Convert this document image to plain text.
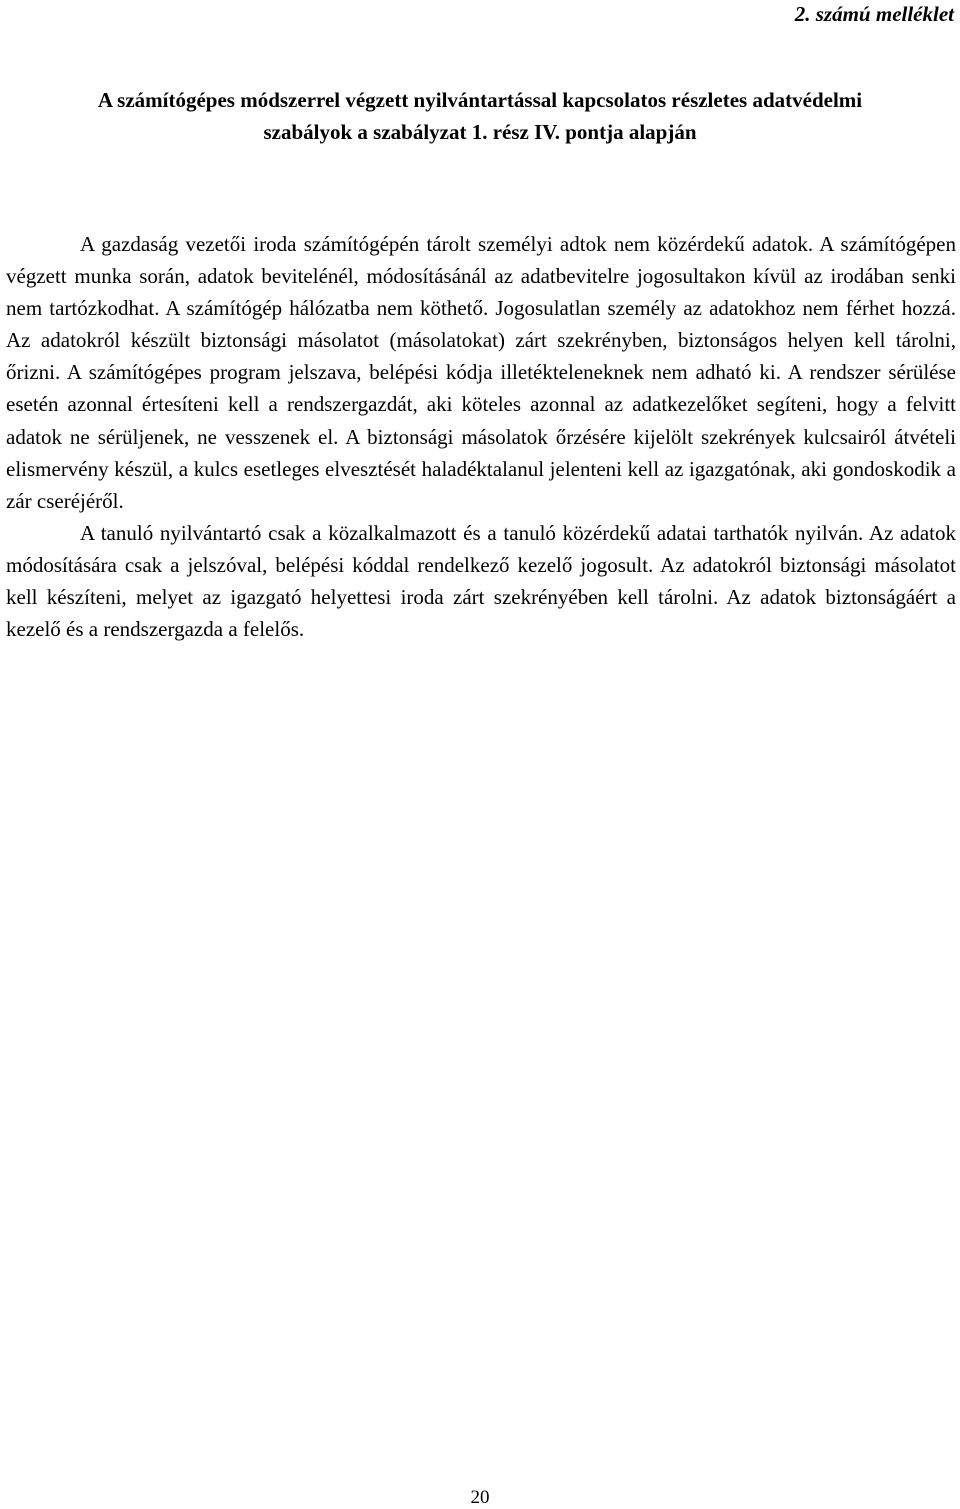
2. számú melléklet

A számítógépes módszerrel végzett nyilvántartással kapcsolatos részletes adatvédelmi
szabályok a szabályzat 1. rész IV. pontja alapján

A gazdaság vezetői iroda számítógépén tárolt személyi adtok nem közérdekű adatok. A számítógépen végzett munka során, adatok bevitelénél, módosításánál az adatbevitelre jogosultakon kívül az irodában senki nem tartózkodhat. A számítógép hálózatba nem köthető. Jogosulatlan személy az adatokhoz nem férhet hozzá. Az adatokról készült biztonsági másolatot (másolatokat) zárt szekrényben, biztonságos helyen kell tárolni, őrizni. A számítógépes program jelszava, belépési kódja illetékteleneknek nem adható ki. A rendszer sérülése esetén azonnal értesíteni kell a rendszergazdát, aki köteles azonnal az adatkezelőket segíteni, hogy a felvitt adatok ne sérüljenek, ne vesszenek el. A biztonsági másolatok őrzésére kijelölt szekrények kulcsairól átvételi elismervény készül, a kulcs esetleges elvesztését haladéktalanul jelenteni kell az igazgatónak, aki gondoskodik a zár cseréjéről.

A tanuló nyilvántartó csak a közalkalmazott és a tanuló közérdekű adatai tarthatók nyilván. Az adatok módosítására csak a jelszóval, belépési kóddal rendelkező kezelő jogosult. Az adatokról biztonsági másolatot kell készíteni, melyet az igazgató helyettesi iroda zárt szekrényében kell tárolni. Az adatok biztonságáért a kezelő és a rendszergazda a felelős.

20
